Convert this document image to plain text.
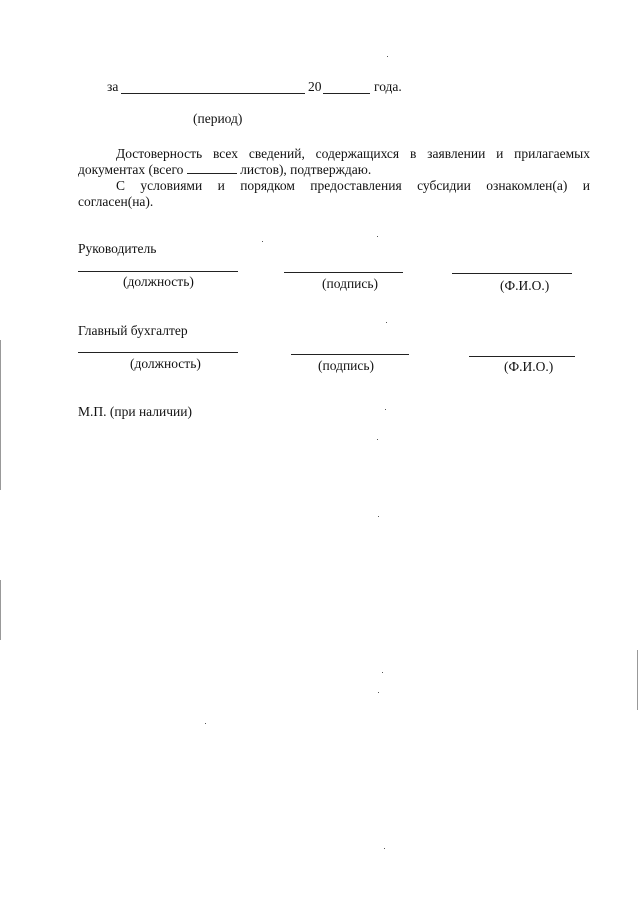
за	20	года.
(период)
Достоверность всех сведений, содержащихся в заявлении и прилагаемых
документах (всего	листов), подтверждаю.
С условиями и порядком предоставления субсидии ознакомлен(а) и
согласен(на).
Руководитель
(должность)	(подпись)	(Ф.И.О.)
Главный бухгалтер
(должность)	(подпись)	(Ф.И.О.)
М.П. (при наличии)
